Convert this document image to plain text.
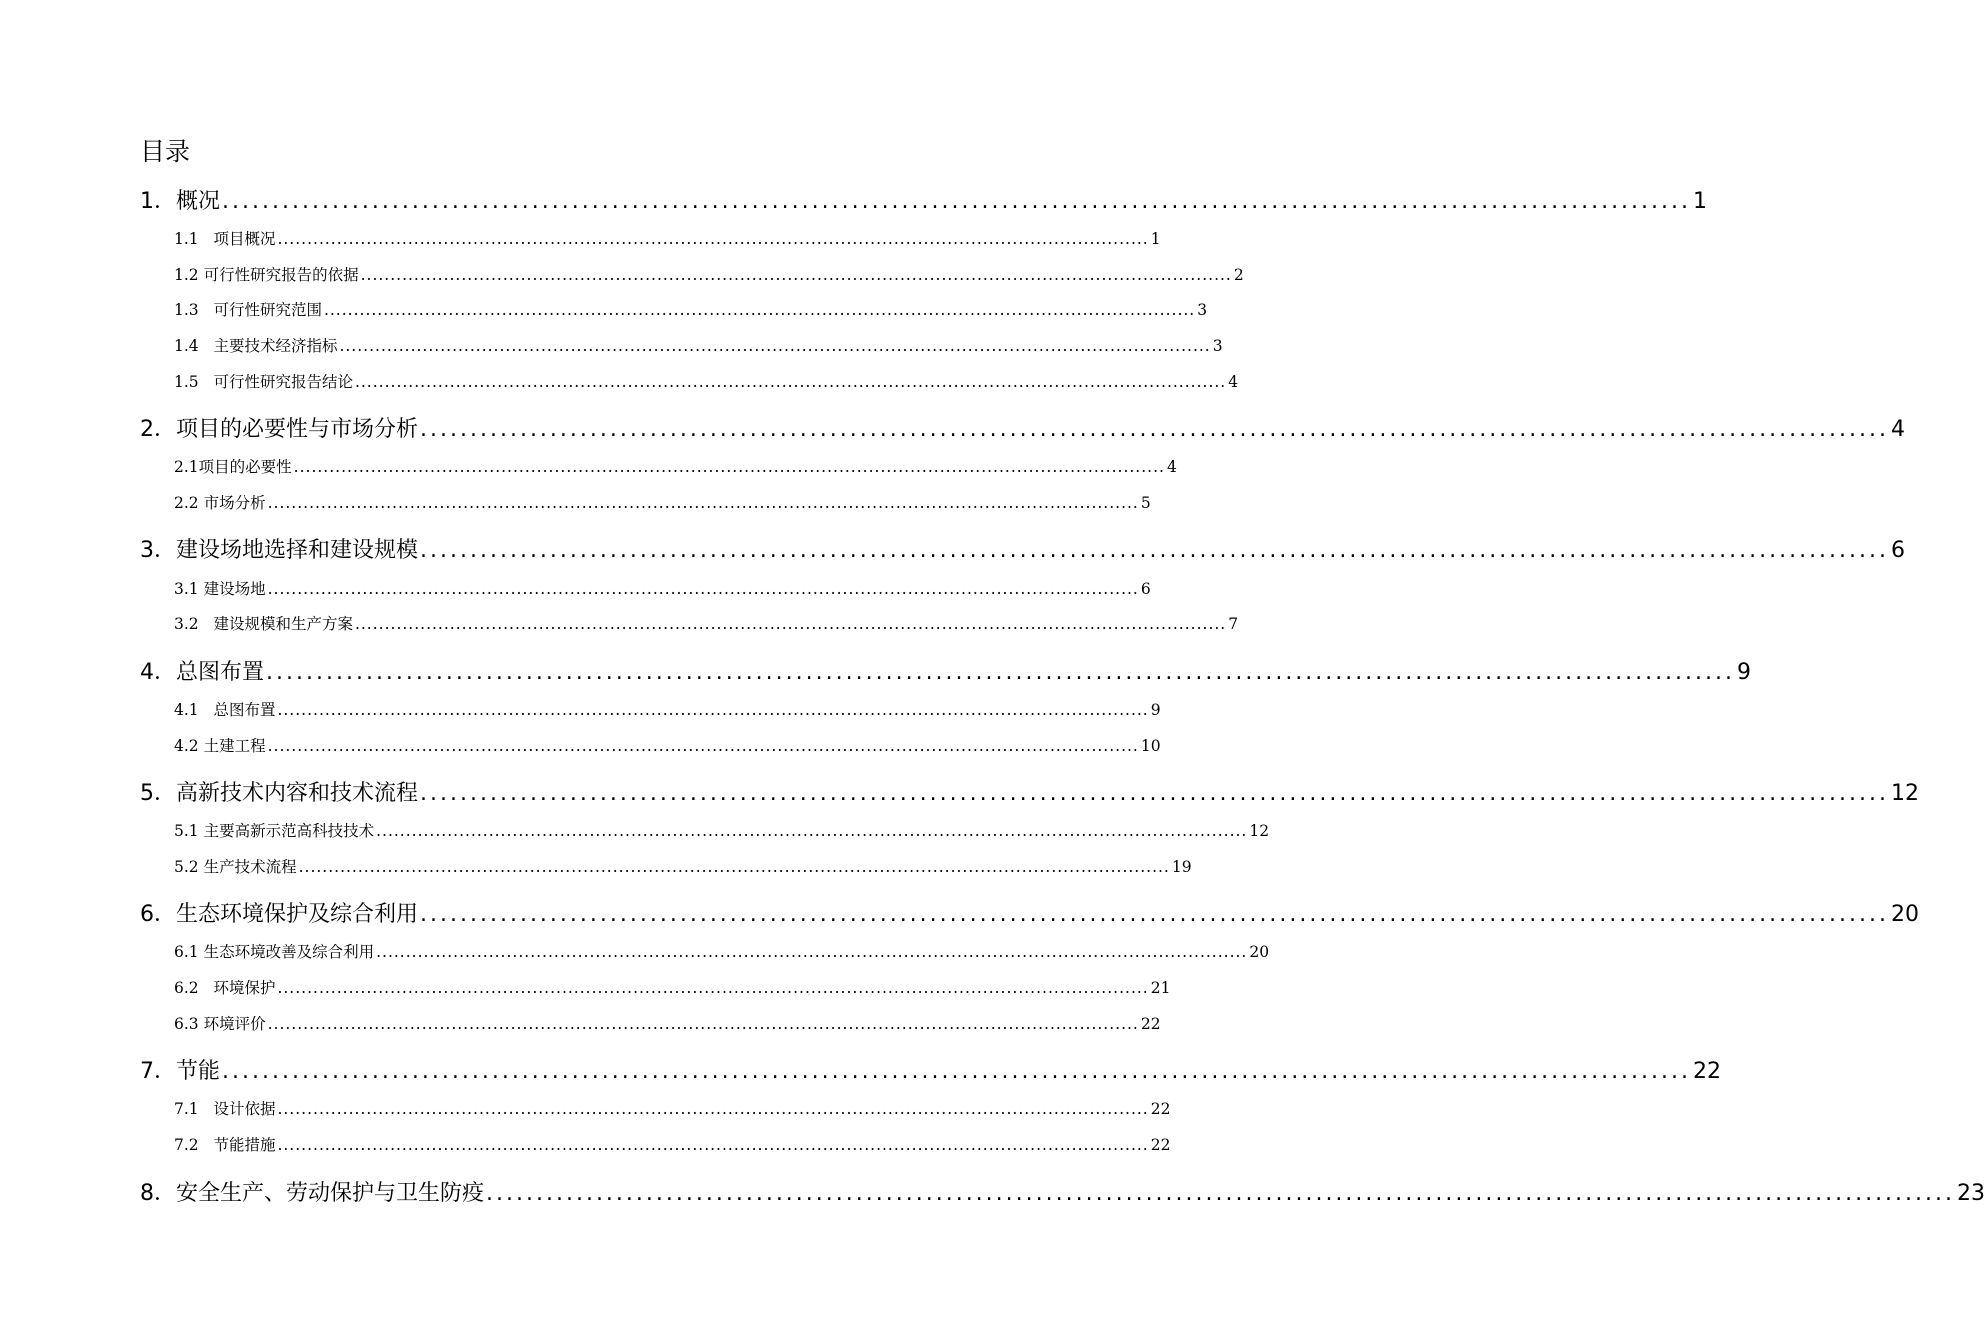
目录
1． 概况 ................................................................................................................................................... 1
1.1 项目概况 ................................................................................................................................................... 1
1.2 可行性研究报告的依据 ................................................................................................................................................... 2
1.3 可行性研究范围 ................................................................................................................................................... 3
1.4 主要技术经济指标 ................................................................................................................................................... 3
1.5 可行性研究报告结论 ................................................................................................................................................... 4
2． 项目的必要性与市场分析 ................................................................................................................................................... 4
2.1 项目的必要性 ................................................................................................................................................... 4
2.2 市场分析 ................................................................................................................................................... 5
3． 建设场地选择和建设规模 ................................................................................................................................................... 6
3.1 建设场地 ................................................................................................................................................... 6
3.2 建设规模和生产方案 ................................................................................................................................................... 7
4． 总图布置 ................................................................................................................................................... 9
4.1 总图布置 ................................................................................................................................................... 9
4.2 土建工程 ................................................................................................................................................... 10
5． 高新技术内容和技术流程 ................................................................................................................................................... 12
5.1 主要高新示范高科技技术 ................................................................................................................................................... 12
5.2 生产技术流程 ................................................................................................................................................... 19
6． 生态环境保护及综合利用 ................................................................................................................................................... 20
6.1 生态环境改善及综合利用 ................................................................................................................................................... 20
6.2 环境保护 ................................................................................................................................................... 21
6.3 环境评价 ................................................................................................................................................... 22
7． 节能 ................................................................................................................................................... 22
7.1 设计依据 ................................................................................................................................................... 22
7.2 节能措施 ................................................................................................................................................... 22
8． 安全生产、劳动保护与卫生防疫 ................................................................................................................................................... 23
